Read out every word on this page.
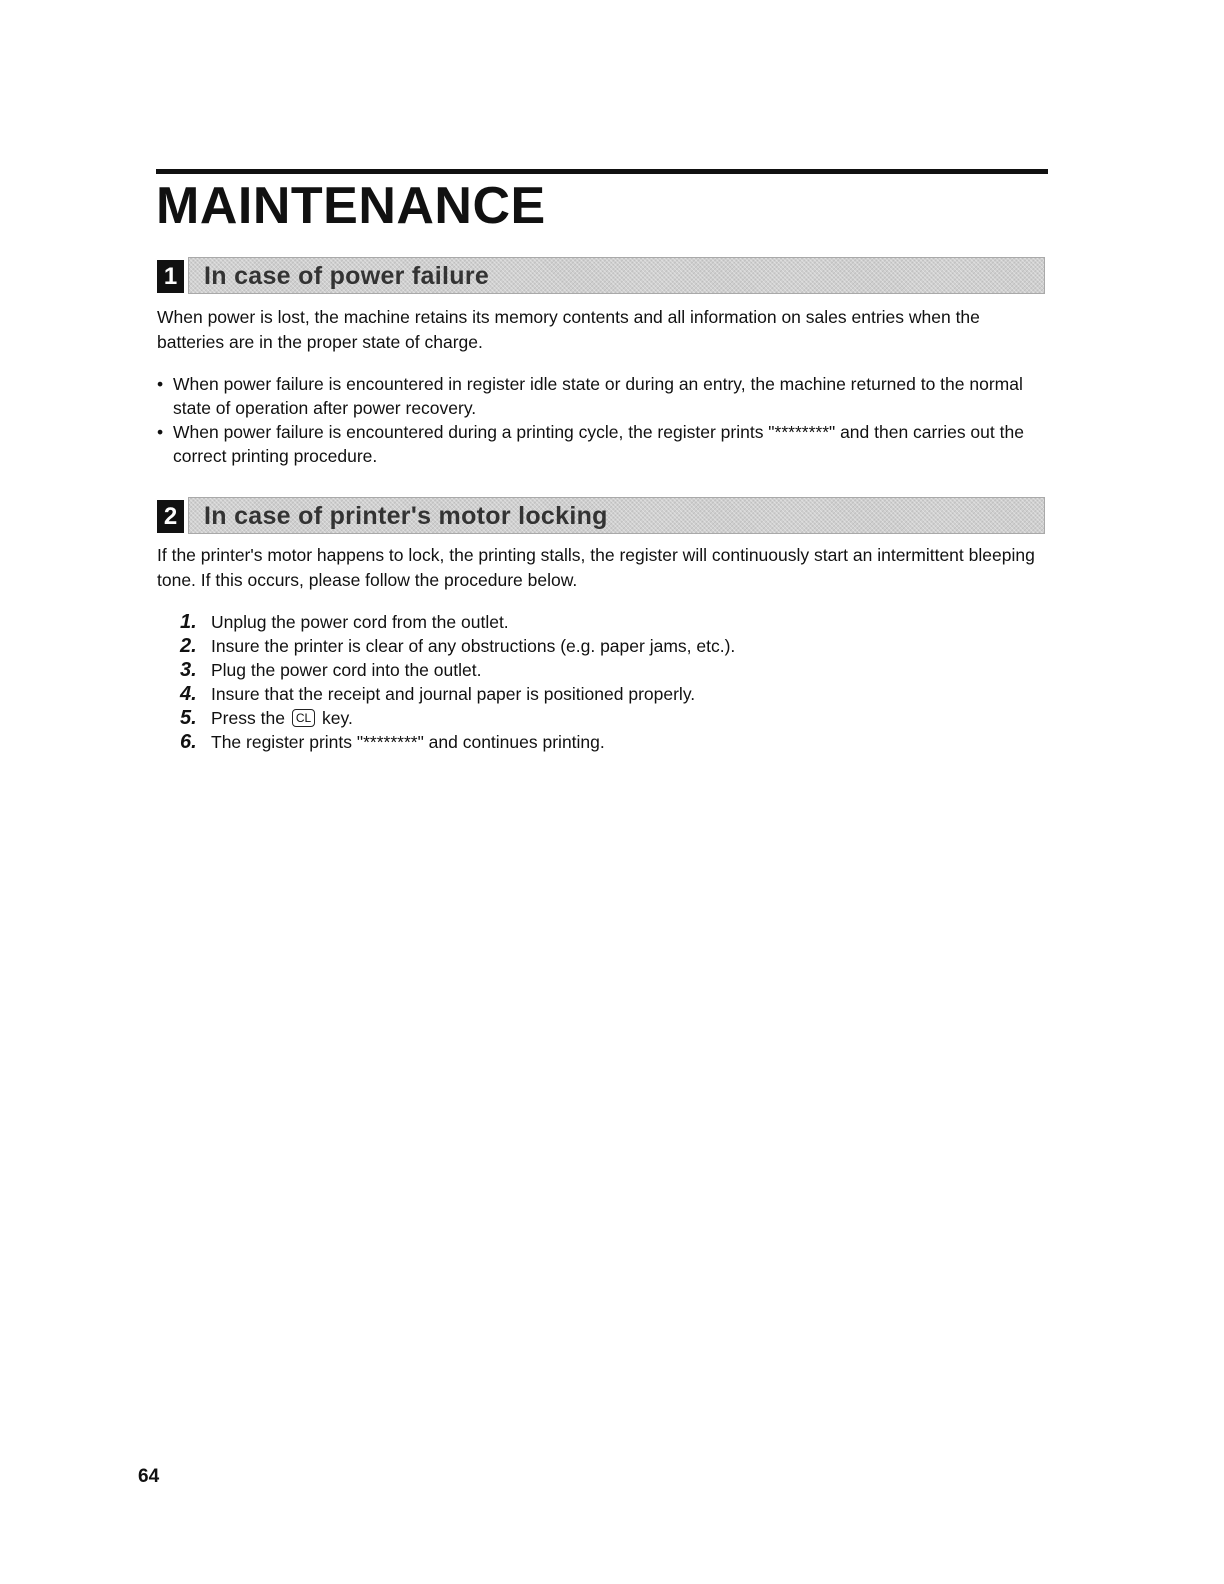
MAINTENANCE
1 In case of power failure

When power is lost, the machine retains its memory contents and all information on sales entries when the batteries are in the proper state of charge.

• When power failure is encountered in register idle state or during an entry, the machine returned to the normal state of operation after power recovery.
• When power failure is encountered during a printing cycle, the register prints "********" and then carries out the correct printing procedure.
2 In case of printer's motor locking

If the printer's motor happens to lock, the printing stalls, the register will continuously start an intermittent bleeping tone. If this occurs, please follow the procedure below.

1. Unplug the power cord from the outlet.
2. Insure the printer is clear of any obstructions (e.g. paper jams, etc.).
3. Plug the power cord into the outlet.
4. Insure that the receipt and journal paper is positioned properly.
5. Press the CL key.
6. The register prints "********" and continues printing.

64
